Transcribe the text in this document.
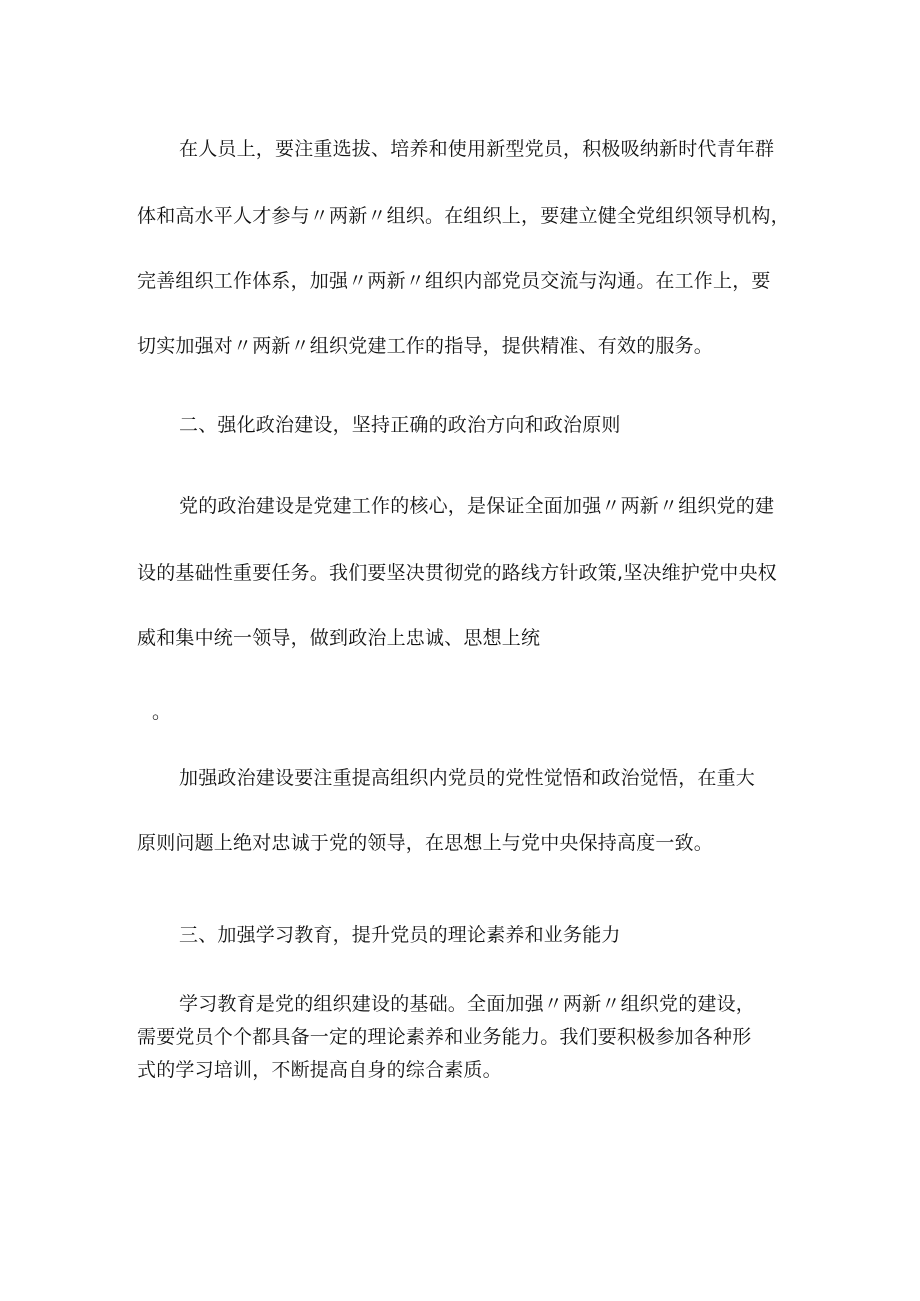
在人员上，要注重选拔、培养和使用新型党员，积极吸纳新时代青年群
体和高水平人才参与〃两新〃组织。在组织上，要建立健全党组织领导机构，
完善组织工作体系，加强〃两新〃组织内部党员交流与沟通。在工作上，要
切实加强对〃两新〃组织党建工作的指导，提供精准、有效的服务。
二、强化政治建设，坚持正确的政治方向和政治原则
党的政治建设是党建工作的核心，是保证全面加强〃两新〃组织党的建
设的基础性重要任务。我们要坚决贯彻党的路线方针政策,坚决维护党中央权
威和集中统一领导，做到政治上忠诚、思想上统
。
加强政治建设要注重提高组织内党员的党性觉悟和政治觉悟，在重大
原则问题上绝对忠诚于党的领导，在思想上与党中央保持高度一致。
三、加强学习教育，提升党员的理论素养和业务能力
学习教育是党的组织建设的基础。全面加强〃两新〃组织党的建设，
需要党员个个都具备一定的理论素养和业务能力。我们要积极参加各种形
式的学习培训，不断提高自身的综合素质。
